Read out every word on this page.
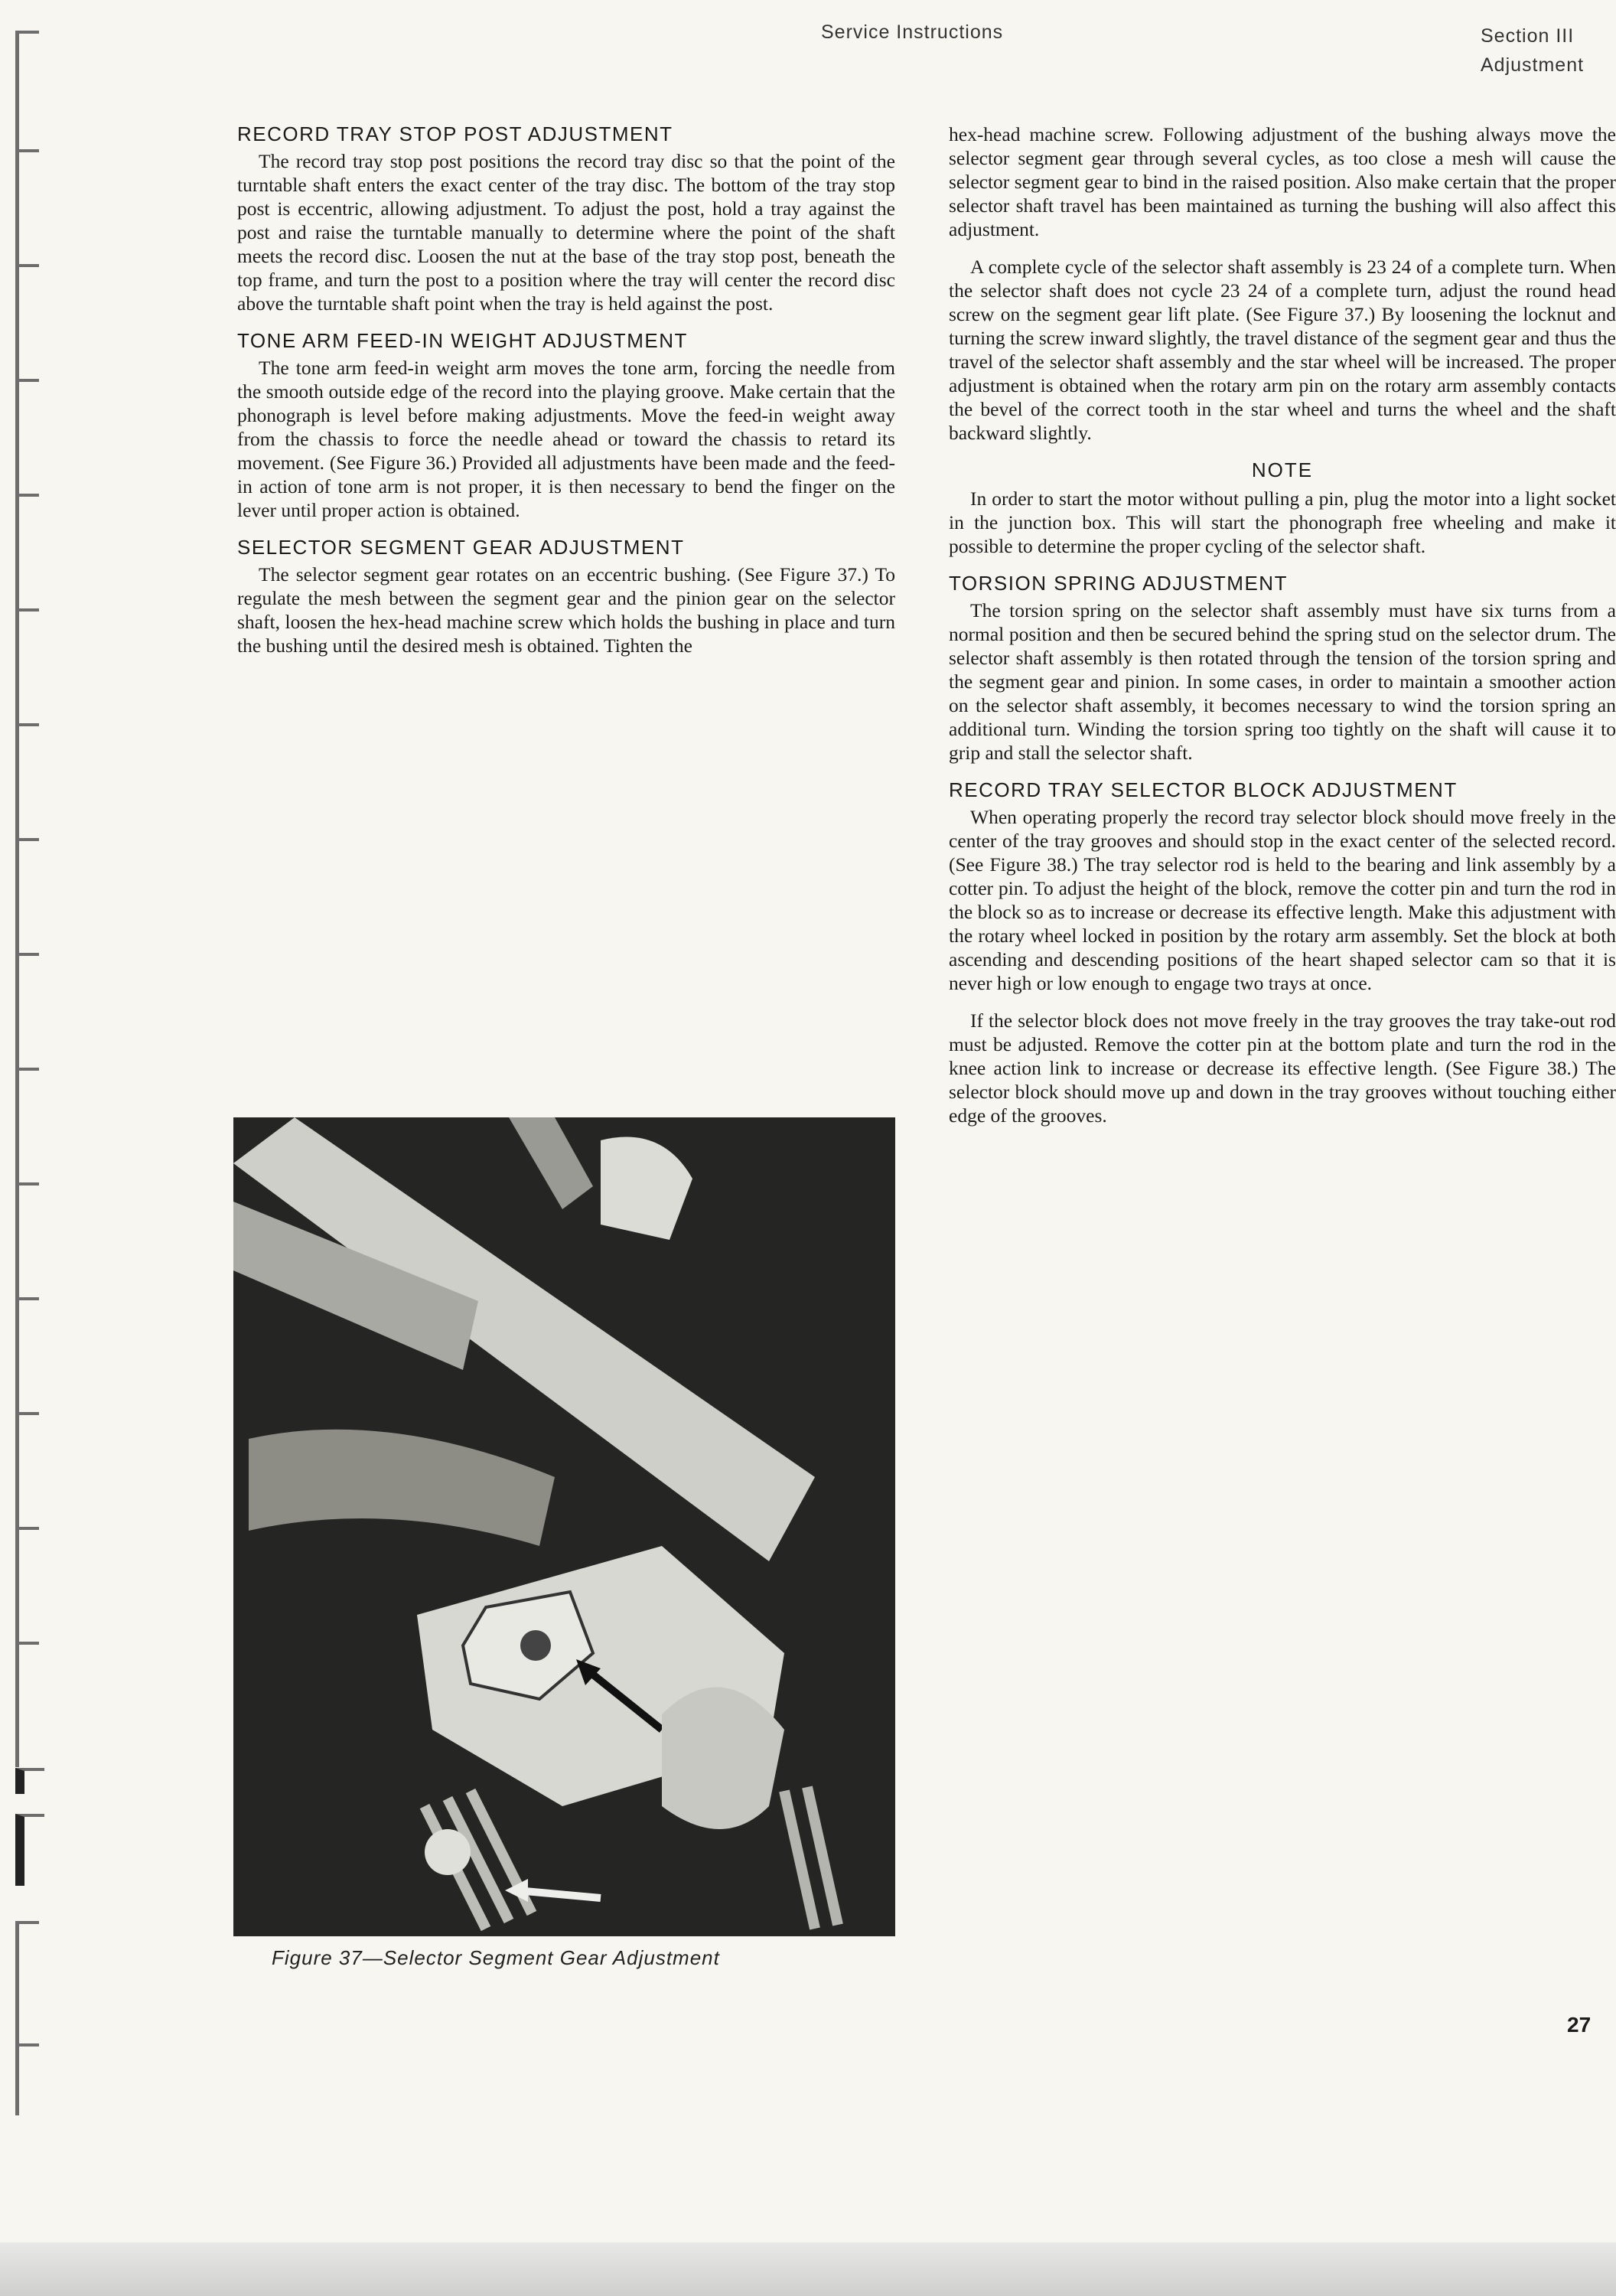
Service Instructions	Section III
Adjustment
RECORD TRAY STOP POST ADJUSTMENT

The record tray stop post positions the record tray disc so that the point of the turntable shaft enters the exact center of the tray disc. The bottom of the tray stop post is eccentric, allowing adjustment. To adjust the post, hold a tray against the post and raise the turntable manually to determine where the point of the shaft meets the record disc. Loosen the nut at the base of the tray stop post, beneath the top frame, and turn the post to a position where the tray will center the record disc above the turntable shaft point when the tray is held against the post.

TONE ARM FEED-IN WEIGHT ADJUSTMENT

The tone arm feed-in weight arm moves the tone arm, forcing the needle from the smooth outside edge of the record into the playing groove. Make certain that the phonograph is level before making adjustments. Move the feed-in weight away from the chassis to force the needle ahead or toward the chassis to retard its movement. (See Figure 36.) Provided all adjustments have been made and the feed-in action of tone arm is not proper, it is then necessary to bend the finger on the lever until proper action is obtained.

SELECTOR SEGMENT GEAR ADJUSTMENT

The selector segment gear rotates on an eccentric bushing. (See Figure 37.) To regulate the mesh between the segment gear and the pinion gear on the selector shaft, loosen the hex-head machine screw which holds the bushing in place and turn the bushing until the desired mesh is obtained. Tighten the

Figure 37—Selector Segment Gear Adjustment

hex-head machine screw. Following adjustment of the bushing always move the selector segment gear through several cycles, as too close a mesh will cause the selector segment gear to bind in the raised position. Also make certain that the proper selector shaft travel has been maintained as turning the bushing will also affect this adjustment.

A complete cycle of the selector shaft assembly is 23 24 of a complete turn. When the selector shaft does not cycle 23 24 of a complete turn, adjust the round head screw on the segment gear lift plate. (See Figure 37.) By loosening the locknut and turning the screw inward slightly, the travel distance of the segment gear and thus the travel of the selector shaft assembly and the star wheel will be increased. The proper adjustment is obtained when the rotary arm pin on the rotary arm assembly contacts the bevel of the correct tooth in the star wheel and turns the wheel and the shaft backward slightly.

NOTE

In order to start the motor without pulling a pin, plug the motor into a light socket in the junction box. This will start the phonograph free wheeling and make it possible to determine the proper cycling of the selector shaft.

TORSION SPRING ADJUSTMENT

The torsion spring on the selector shaft assembly must have six turns from a normal position and then be secured behind the spring stud on the selector drum. The selector shaft assembly is then rotated through the tension of the torsion spring and the segment gear and pinion. In some cases, in order to maintain a smoother action on the selector shaft assembly, it becomes necessary to wind the torsion spring an additional turn. Winding the torsion spring too tightly on the shaft will cause it to grip and stall the selector shaft.

RECORD TRAY SELECTOR BLOCK ADJUSTMENT

When operating properly the record tray selector block should move freely in the center of the tray grooves and should stop in the exact center of the selected record. (See Figure 38.) The tray selector rod is held to the bearing and link assembly by a cotter pin. To adjust the height of the block, remove the cotter pin and turn the rod in the block so as to increase or decrease its effective length. Make this adjustment with the rotary wheel locked in position by the rotary arm assembly. Set the block at both ascending and descending positions of the heart shaped selector cam so that it is never high or low enough to engage two trays at once.

If the selector block does not move freely in the tray grooves the tray take-out rod must be adjusted. Remove the cotter pin at the bottom plate and turn the rod in the knee action link to increase or decrease its effective length. (See Figure 38.) The selector block should move up and down in the tray grooves without touching either edge of the grooves.

27
